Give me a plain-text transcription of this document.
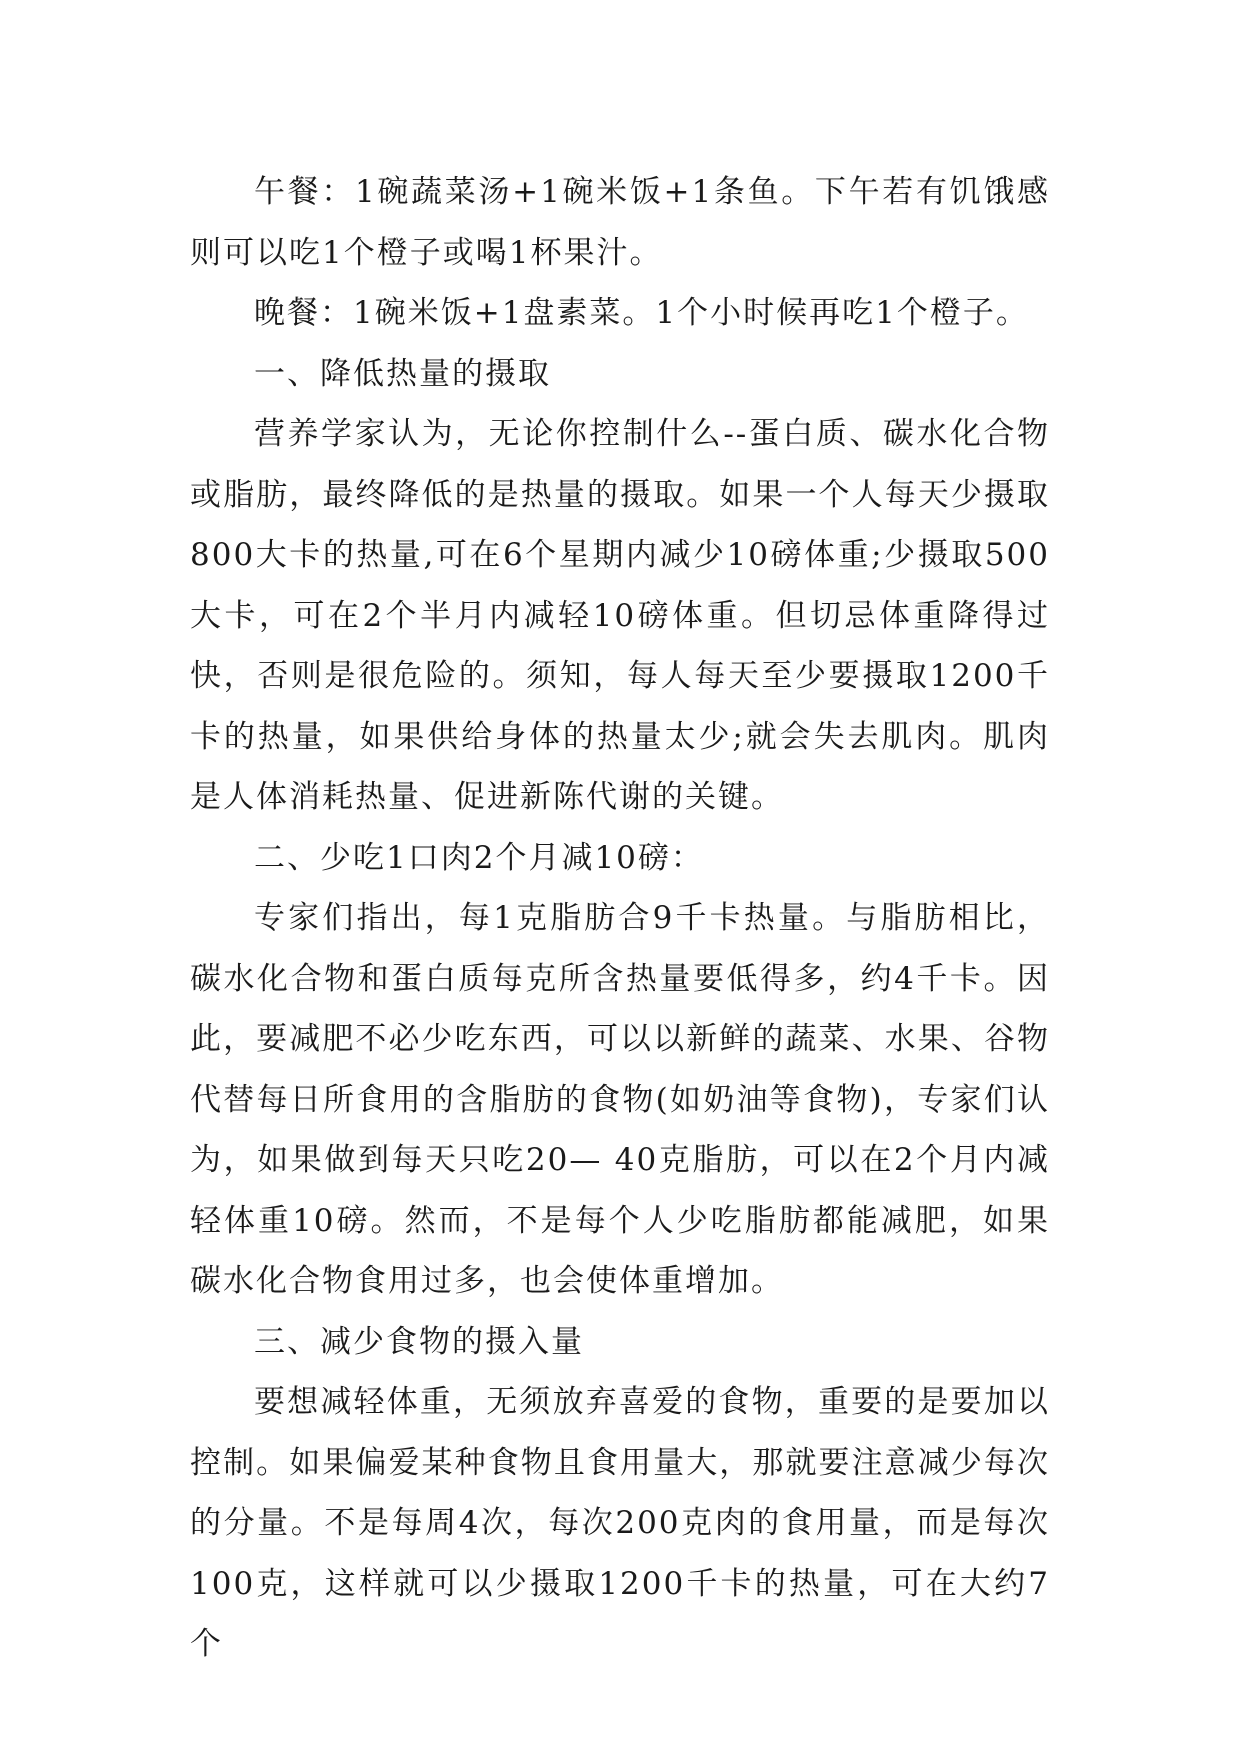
午餐：1碗蔬菜汤+1碗米饭+1条鱼。下午若有饥饿感则可以吃1个橙子或喝1杯果汁。

晚餐：1碗米饭+1盘素菜。1个小时候再吃1个橙子。

一、降低热量的摄取

营养学家认为，无论你控制什么--蛋白质、碳水化合物或脂肪，最终降低的是热量的摄取。如果一个人每天少摄取800大卡的热量,可在6个星期内减少10磅体重;少摄取500大卡，可在2个半月内减轻10磅体重。但切忌体重降得过快，否则是很危险的。须知，每人每天至少要摄取1200千卡的热量，如果供给身体的热量太少;就会失去肌肉。肌肉是人体消耗热量、促进新陈代谢的关键。

二、少吃1口肉2个月减10磅：

专家们指出，每1克脂肪合9千卡热量。与脂肪相比，碳水化合物和蛋白质每克所含热量要低得多，约4千卡。因此，要减肥不必少吃东西，可以以新鲜的蔬菜、水果、谷物代替每日所食用的含脂肪的食物(如奶油等食物)，专家们认为，如果做到每天只吃20— 40克脂肪，可以在2个月内减轻体重10磅。然而，不是每个人少吃脂肪都能减肥，如果碳水化合物食用过多，也会使体重增加。

三、减少食物的摄入量

要想减轻体重，无须放弃喜爱的食物，重要的是要加以控制。如果偏爱某种食物且食用量大，那就要注意减少每次的分量。不是每周4次，每次200克肉的食用量，而是每次100克，这样就可以少摄取1200千卡的热量，可在大约7个
